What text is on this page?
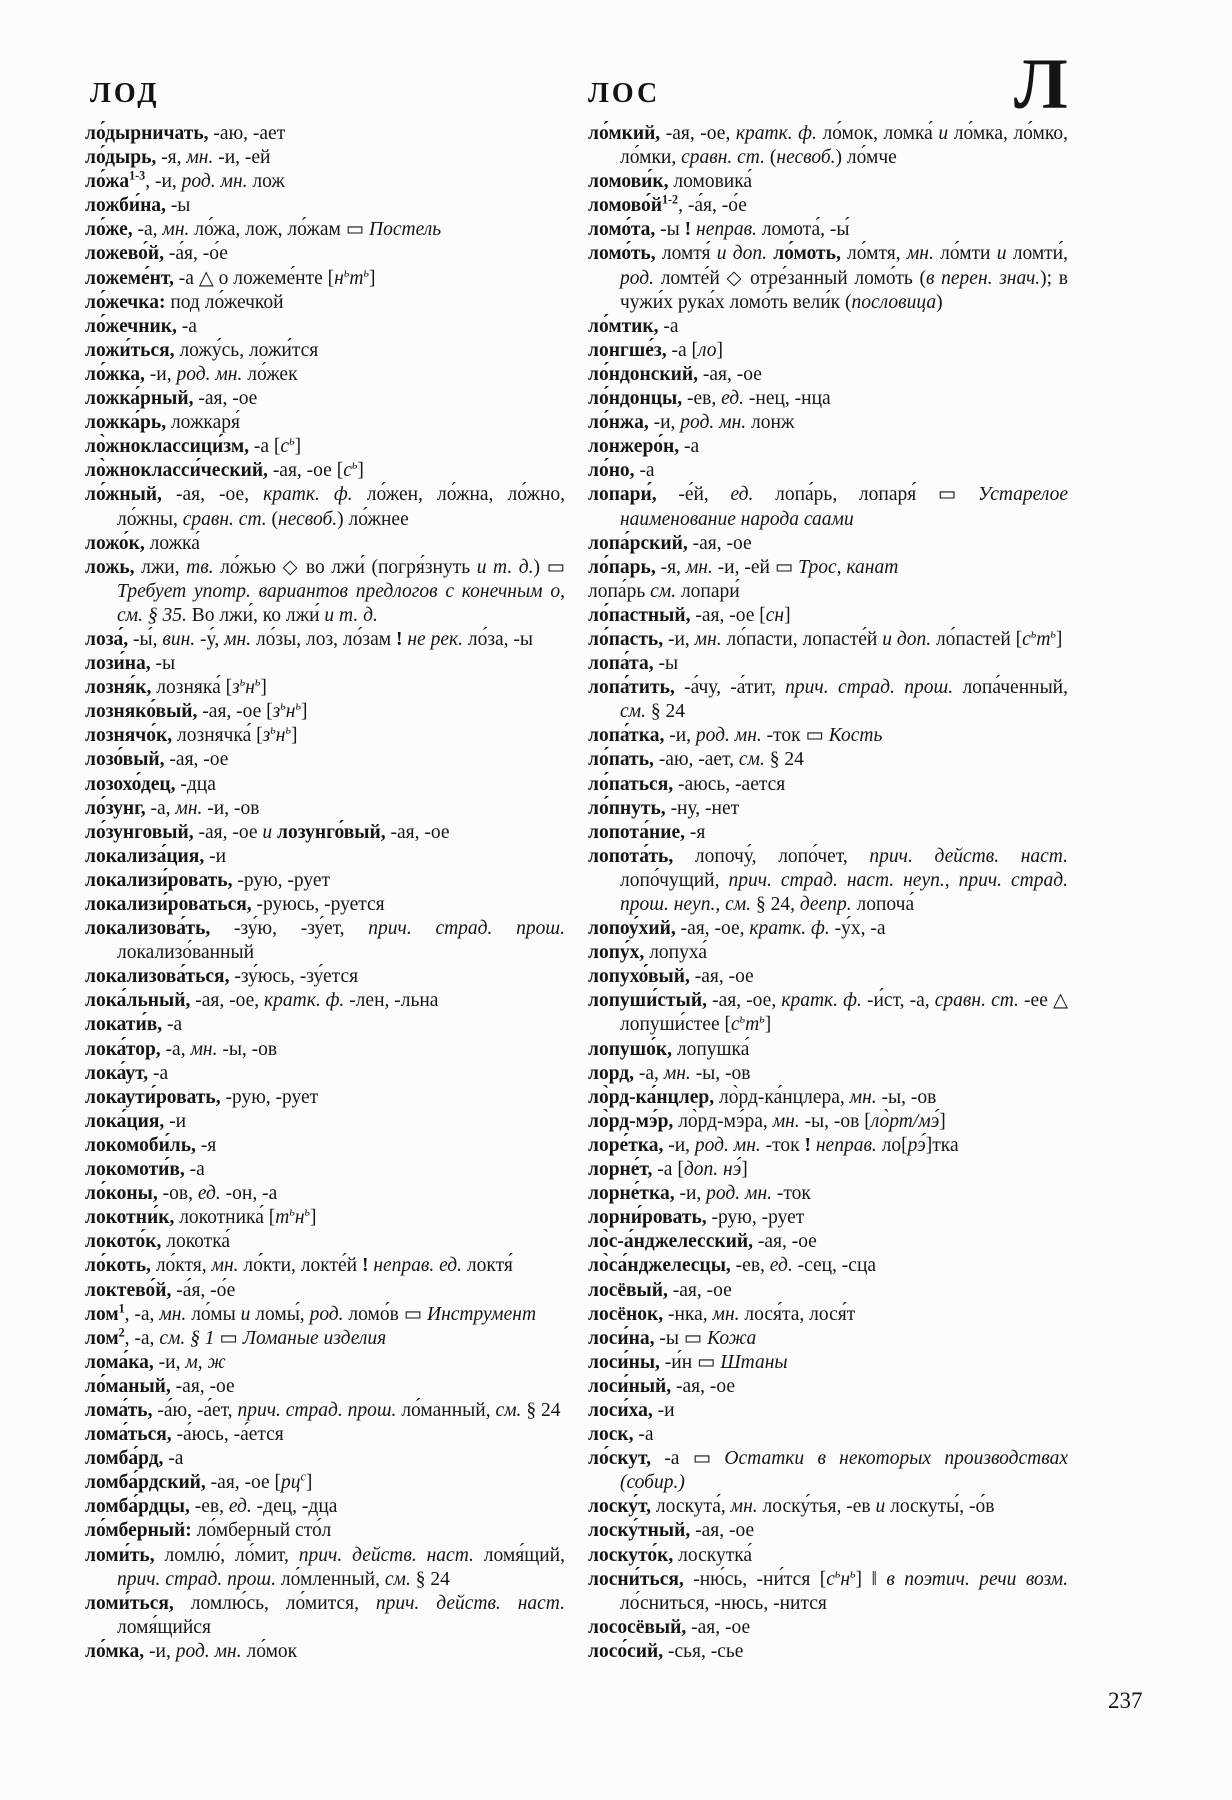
ЛОД	ЛОС	Л
ло́дырничать, -аю, -ает
ло́дырь, -я, мн. -и, -ей
$ло́жа^{1-3}$, -и, род. мн. лож
ложби́на, -ы
ло́же, -а, мн. ло́жа, лож, ло́жам ▭ Постель
ложево́й, -а́я, -о́е
ложеме́нт, -а △ о ложеме́нте $[н^ьт^ь]$
ло́жечка: под ло́жечкой
ло́жечник, -а
ложи́ться, ложу́сь, ложи́тся
ло́жка, -и, род. мн. ло́жек
ложка́рный, -ая, -ое
ложка́рь, ложкаря́
ло̀жноклассици́зм, -а $[с^ь]$
ло̀жнокласси́ческий, -ая, -ое $[с^ь]$
ло́жный, -ая, -ое, кратк. ф. ло́жен, ло́жна, ло́жно, ло́жны, сравн. ст. (несвоб.) ло́жнее
ложо́к, ложка́
ложь, лжи, тв. ло́жью ◇ во лжи́ (погря́знуть и т. д.) ▭ Требует употр. вариантов предлогов с конечным о, см. § 35. Во лжи́, ко лжи́ и т. д.
лоза́, -ы́, вин. -у́, мн. ло́зы, лоз, ло́зам ! не рек. ло́за, -ы
лози́на, -ы
лозня́к, лозняка́ $[з^ьн^ь]$
лозняко́вый, -ая, -ое $[з^ьн^ь]$
лознячо́к, лознячка́ $[з^ьн^ь]$
лозо́вый, -ая, -ое
лозохо́дец, -дца
ло́зунг, -а, мн. -и, -ов
ло́зунговый, -ая, -ое и лозунго́вый, -ая, -ое
локализа́ция, -и
локализи́ровать, -рую, -рует
локализи́роваться, -руюсь, -руется
локализова́ть, -зу́ю, -зу́ет, прич. страд. прош. локализо́ванный
локализова́ться, -зу́юсь, -зу́ется
лока́льный, -ая, -ое, кратк. ф. -лен, -льна
локати́в, -а
лока́тор, -а, мн. -ы, -ов
лока́ут, -а
локаути́ровать, -рую, -рует
лока́ция, -и
локомоби́ль, -я
локомоти́в, -а
ло́коны, -ов, ед. -он, -а
локотни́к, локотника́ $[т^ьн^ь]$
локото́к, локотка́
ло́коть, ло́ктя, мн. ло́кти, локте́й ! неправ. ед. локтя́
локтево́й, -а́я, -о́е
лом$^1$, -а, мн. ло́мы и ломы́, род. ломо́в ▭ Инструмент
лом$^2$, -а, см. § 1 ▭ Ломаные изделия
лома́ка, -и, м, ж
ло́маный, -ая, -ое
лома́ть, -а́ю, -а́ет, прич. страд. прош. ло́манный, см. § 24
лома́ться, -а́юсь, -а́ется
ломба́рд, -а
ломба́рдский, -ая, -ое $[рц^с]$
ломба́рдцы, -ев, ед. -дец, -дца
ло́мберный: ло́мберный сто́л
ломи́ть, ломлю́, ло́мит, прич. действ. наст. ломя́щий, прич. страд. прош. ло́мленный, см. § 24
ломи́ться, ломлю́сь, ло́мится, прич. действ. наст. ломя́щийся
ло́мка, -и, род. мн. ло́мок
ло́мкий, -ая, -ое, кратк. ф. ло́мок, ломка́ и ло́мка, ло́мко, ло́мки, сравн. ст. (несвоб.) ло́мче
ломови́к, ломовика́
$ломово́й^{1-2}$, -а́я, -о́е
ломо́та, -ы ! неправ. ломота́, -ы́
ломо́ть, ломтя́ и доп. ло́моть, ло́мтя, мн. ло́мти и ломти́, род. ломте́й ◇ отре́занный ломо́ть (в перен. знач.); в чужи́х рука́х ломо́ть вели́к (пословица)
ло́мтик, -а
лонгше́з, -а [ло]
ло́ндонский, -ая, -ое
ло́ндонцы, -ев, ед. -нец, -нца
ло́нжа, -и, род. мн. лонж
лонжеро́н, -а
ло́но, -а
лопари́, -е́й, ед. лопа́рь, лопаря́ ▭ Устарелое наименование народа саами
лопа́рский, -ая, -ое
ло́парь, -я, мн. -и, -ей ▭ Трос, канат
лопа́рь см. лопари́
ло́пастный, -ая, -ое [сн]
ло́пасть, -и, мн. ло́пасти, лопасте́й и доп. ло́пастей $[с^ьт^ь]$
лопа́та, -ы
лопа́тить, -а́чу, -а́тит, прич. страд. прош. лопа́ченный, см. § 24
лопа́тка, -и, род. мн. -ток ▭ Кость
ло́пать, -аю, -ает, см. § 24
ло́паться, -аюсь, -ается
ло́пнуть, -ну, -нет
лопота́ние, -я
лопота́ть, лопочу́, лопо́чет, прич. действ. наст. лопо́чущий, прич. страд. наст. неуп., прич. страд. прош. неуп., см. § 24, деепр. лопоча́
лопоу́хий, -ая, -ое, кратк. ф. -у́х, -а
лопу́х, лопуха́
лопухо́вый, -ая, -ое
лопуши́стый, -ая, -ое, кратк. ф. -и́ст, -а, сравн. ст. -ее △ лопуши́стее $[с^ьт^ь]$
лопушо́к, лопушка́
лорд, -а, мн. -ы, -ов
ло̀рд-ка́нцлер, ло̀рд-ка́нцлера, мн. -ы, -ов
ло̀рд-мэ́р, ло̀рд-мэ́ра, мн. -ы, -ов [ло̀рт/мэ́]
лоре́тка, -и, род. мн. -ток ! неправ. ло[рэ́]тка
лорне́т, -а [доп. нэ́]
лорне́тка, -и, род. мн. -ток
лорни́ровать, -рую, -рует
ло̀с-а́нджелесский, -ая, -ое
ло̀са́нджелесцы, -ев, ед. -сец, -сца
лосёвый, -ая, -ое
лосёнок, -нка, мн. лося́та, лося́т
лоси́на, -ы ▭ Кожа
лоси́ны, -и́н ▭ Штаны
лоси́ный, -ая, -ое
лоси́ха, -и
лоск, -а
ло́скут, -а ▭ Остатки в некоторых производствах (собир.)
лоску́т, лоскута́, мн. лоску́тья, -ев и лоскуты́, -о́в
лоску́тный, -ая, -ое
лоскуто́к, лоскутка́
лосни́ться, -ню́сь, -ни́тся $[с^ьн^ь]$ ‖ в поэтич. речи возм. ло́сниться, -нюсь, -нится
лососёвый, -ая, -ое
лосо́сий, -сья, -сье
237
